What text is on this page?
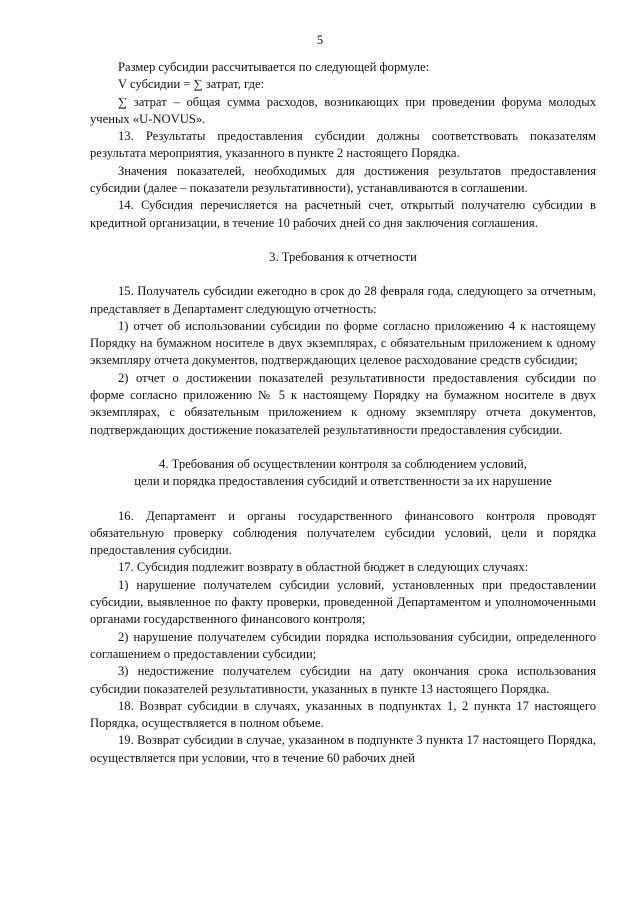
5

Размер субсидии рассчитывается по следующей формуле:

V субсидии = ∑ затрат, где:

∑ затрат – общая сумма расходов, возникающих при проведении форума молодых ученых «U-NOVUS».

13. Результаты предоставления субсидии должны соответствовать показателям результата мероприятия, указанного в пункте 2 настоящего Порядка.

Значения показателей, необходимых для достижения результатов предоставления субсидии (далее – показатели результативности), устанавливаются в соглашении.

14. Субсидия перечисляется на расчетный счет, открытый получателю субсидии в кредитной организации, в течение 10 рабочих дней со дня заключения соглашения.

3. Требования к отчетности

15. Получатель субсидии ежегодно в срок до 28 февраля года, следующего за отчетным, представляет в Департамент следующую отчетность:

1) отчет об использовании субсидии по форме согласно приложению 4 к настоящему Порядку на бумажном носителе в двух экземплярах, с обязательным приложением к одному экземпляру отчета документов, подтверждающих целевое расходование средств субсидии;

2) отчет о достижении показателей результативности предоставления субсидии по форме согласно приложению № 5 к настоящему Порядку на бумажном носителе в двух экземплярах, с обязательным приложением к одному экземпляру отчета документов, подтверждающих достижение показателей результативности предоставления субсидии.

4. Требования об осуществлении контроля за соблюдением условий,

цели и порядка предоставления субсидий и ответственности за их нарушение

16. Департамент и органы государственного финансового контроля проводят обязательную проверку соблюдения получателем субсидии условий, цели и порядка предоставления субсидии.

17. Субсидия подлежит возврату в областной бюджет в следующих случаях:

1) нарушение получателем субсидии условий, установленных при предоставлении субсидии, выявленное по факту проверки, проведенной Департаментом и уполномоченными органами государственного финансового контроля;

2) нарушение получателем субсидии порядка использования субсидии, определенного соглашением о предоставлении субсидии;

3) недостижение получателем субсидии на дату окончания срока использования субсидии показателей результативности, указанных в пункте 13 настоящего Порядка.

18. Возврат субсидии в случаях, указанных в подпунктах 1, 2 пункта 17 настоящего Порядка, осуществляется в полном объеме.

19. Возврат субсидии в случае, указанном в подпункте 3 пункта 17 настоящего Порядка, осуществляется при условии, что в течение 60 рабочих дней
